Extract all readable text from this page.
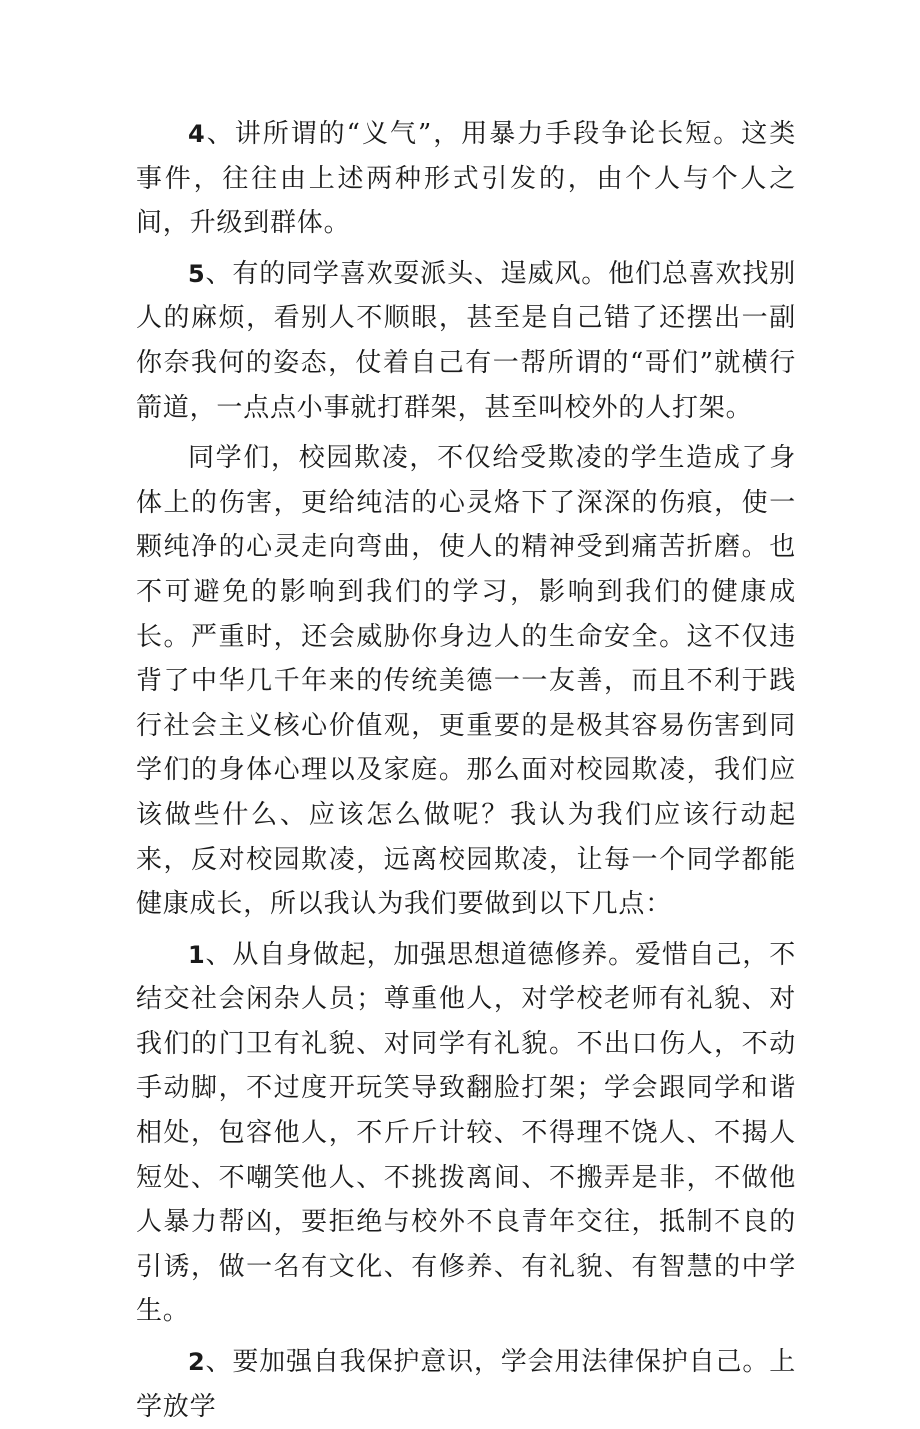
4、讲所谓的“义气”，用暴力手段争论长短。这类事件，往往由上述两种形式引发的，由个人与个人之间，升级到群体。

5、有的同学喜欢耍派头、逞威风。他们总喜欢找别人的麻烦，看别人不顺眼，甚至是自己错了还摆出一副你奈我何的姿态，仗着自己有一帮所谓的“哥们”就横行箭道，一点点小事就打群架，甚至叫校外的人打架。

同学们，校园欺凌，不仅给受欺凌的学生造成了身体上的伤害，更给纯洁的心灵烙下了深深的伤痕，使一颗纯净的心灵走向弯曲，使人的精神受到痛苦折磨。也不可避免的影响到我们的学习，影响到我们的健康成长。严重时，还会威胁你身边人的生命安全。这不仅违背了中华几千年来的传统美德一一友善，而且不利于践行社会主义核心价值观，更重要的是极其容易伤害到同学们的身体心理以及家庭。那么面对校园欺凌，我们应该做些什么、应该怎么做呢？我认为我们应该行动起来，反对校园欺凌，远离校园欺凌，让每一个同学都能健康成长，所以我认为我们要做到以下几点：

1、从自身做起，加强思想道德修养。爱惜自己，不结交社会闲杂人员；尊重他人，对学校老师有礼貌、对我们的门卫有礼貌、对同学有礼貌。不出口伤人，不动手动脚，不过度开玩笑导致翻脸打架；学会跟同学和谐相处，包容他人，不斤斤计较、不得理不饶人、不揭人短处、不嘲笑他人、不挑拨离间、不搬弄是非，不做他人暴力帮凶，要拒绝与校外不良青年交往，抵制不良的引诱，做一名有文化、有修养、有礼貌、有智慧的中学生。

2、要加强自我保护意识，学会用法律保护自己。上学放学
